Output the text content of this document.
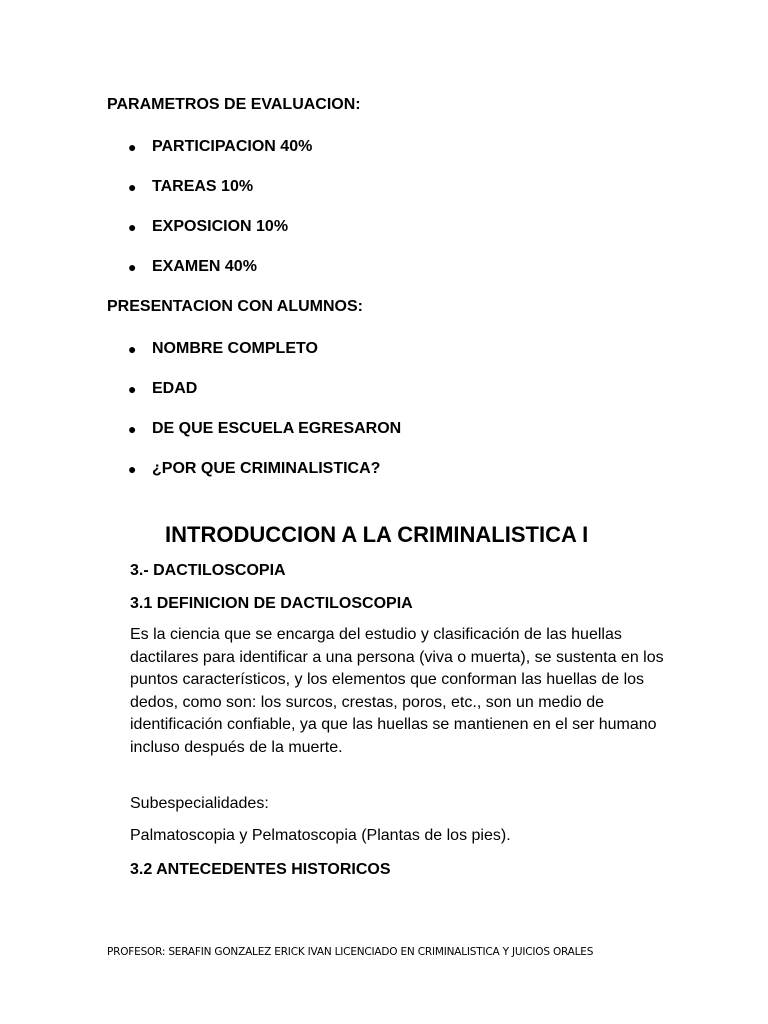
PARAMETROS DE EVALUACION:
● PARTICIPACION 40%
● TAREAS 10%
● EXPOSICION 10%
● EXAMEN 40%
PRESENTACION CON ALUMNOS:
● NOMBRE COMPLETO
● EDAD
● DE QUE ESCUELA EGRESARON
● ¿POR QUE CRIMINALISTICA?
INTRODUCCION A LA CRIMINALISTICA I
3.- DACTILOSCOPIA
3.1 DEFINICION DE DACTILOSCOPIA

Es la ciencia que se encarga del estudio y clasificación de las huellas dactilares para identificar a una persona (viva o muerta), se sustenta en los puntos característicos, y los elementos que conforman las huellas de los dedos, como son: los surcos, crestas, poros, etc., son un medio de identificación confiable, ya que las huellas se mantienen en el ser humano incluso después de la muerte.

Subespecialidades:

Palmatoscopia y Pelmatoscopia (Plantas de los pies).

3.2 ANTECEDENTES HISTORICOS

PROFESOR: SERAFIN GONZALEZ ERICK IVAN LICENCIADO EN CRIMINALISTICA Y JUICIOS ORALES
